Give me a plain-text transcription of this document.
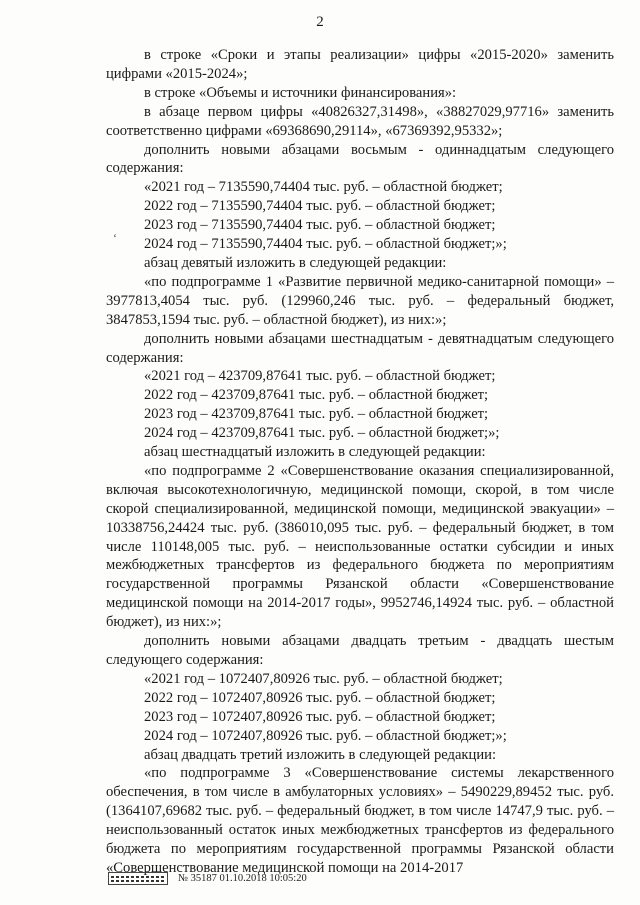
2
‘

в строке «Сроки и этапы реализации» цифры «2015-2020» заменить цифрами «2015-2024»;

в строке «Объемы и источники финансирования»:

в абзаце первом цифры «40826327,31498», «38827029,97716» заменить соответственно цифрами «69368690,29114», «67369392,95332»;

дополнить новыми абзацами восьмым - одиннадцатым следующего содержания:

«2021 год – 7135590,74404 тыс. руб. – областной бюджет;

2022 год – 7135590,74404 тыс. руб. – областной бюджет;

2023 год – 7135590,74404 тыс. руб. – областной бюджет;

2024 год – 7135590,74404 тыс. руб. – областной бюджет;»;

абзац девятый изложить в следующей редакции:

«по подпрограмме 1 «Развитие первичной медико-санитарной помощи» – 3977813,4054 тыс. руб. (129960,246 тыс. руб. – федеральный бюджет, 3847853,1594 тыс. руб. – областной бюджет), из них:»;

дополнить новыми абзацами шестнадцатым - девятнадцатым следующего содержания:

«2021 год – 423709,87641 тыс. руб. – областной бюджет;

2022 год – 423709,87641 тыс. руб. – областной бюджет;

2023 год – 423709,87641 тыс. руб. – областной бюджет;

2024 год – 423709,87641 тыс. руб. – областной бюджет;»;

абзац шестнадцатый изложить в следующей редакции:

«по подпрограмме 2 «Совершенствование оказания специализированной, включая высокотехнологичную, медицинской помощи, скорой, в том числе скорой специализированной, медицинской помощи, медицинской эвакуации» – 10338756,24424 тыс. руб. (386010,095 тыс. руб. – федеральный бюджет, в том числе 110148,005 тыс. руб. – неиспользованные остатки субсидии и иных межбюджетных трансфертов из федерального бюджета по мероприятиям государственной программы Рязанской области «Совершенствование медицинской помощи на 2014-2017 годы», 9952746,14924 тыс. руб. – областной бюджет), из них:»;

дополнить новыми абзацами двадцать третьим - двадцать шестым следующего содержания:

«2021 год – 1072407,80926 тыс. руб. – областной бюджет;

2022 год – 1072407,80926 тыс. руб. – областной бюджет;

2023 год – 1072407,80926 тыс. руб. – областной бюджет;

2024 год – 1072407,80926 тыс. руб. – областной бюджет;»;

абзац двадцать третий изложить в следующей редакции:

«по подпрограмме 3 «Совершенствование системы лекарственного обеспечения, в том числе в амбулаторных условиях» – 5490229,89452 тыс. руб. (1364107,69682 тыс. руб. – федеральный бюджет, в том числе 14747,9 тыс. руб. – неиспользованный остаток иных межбюджетных трансфертов из федерального бюджета по мероприятиям государственной программы Рязанской области «Совершенствование медицинской помощи на 2014-2017

№ 35187 01.10.2018 10:05:20
